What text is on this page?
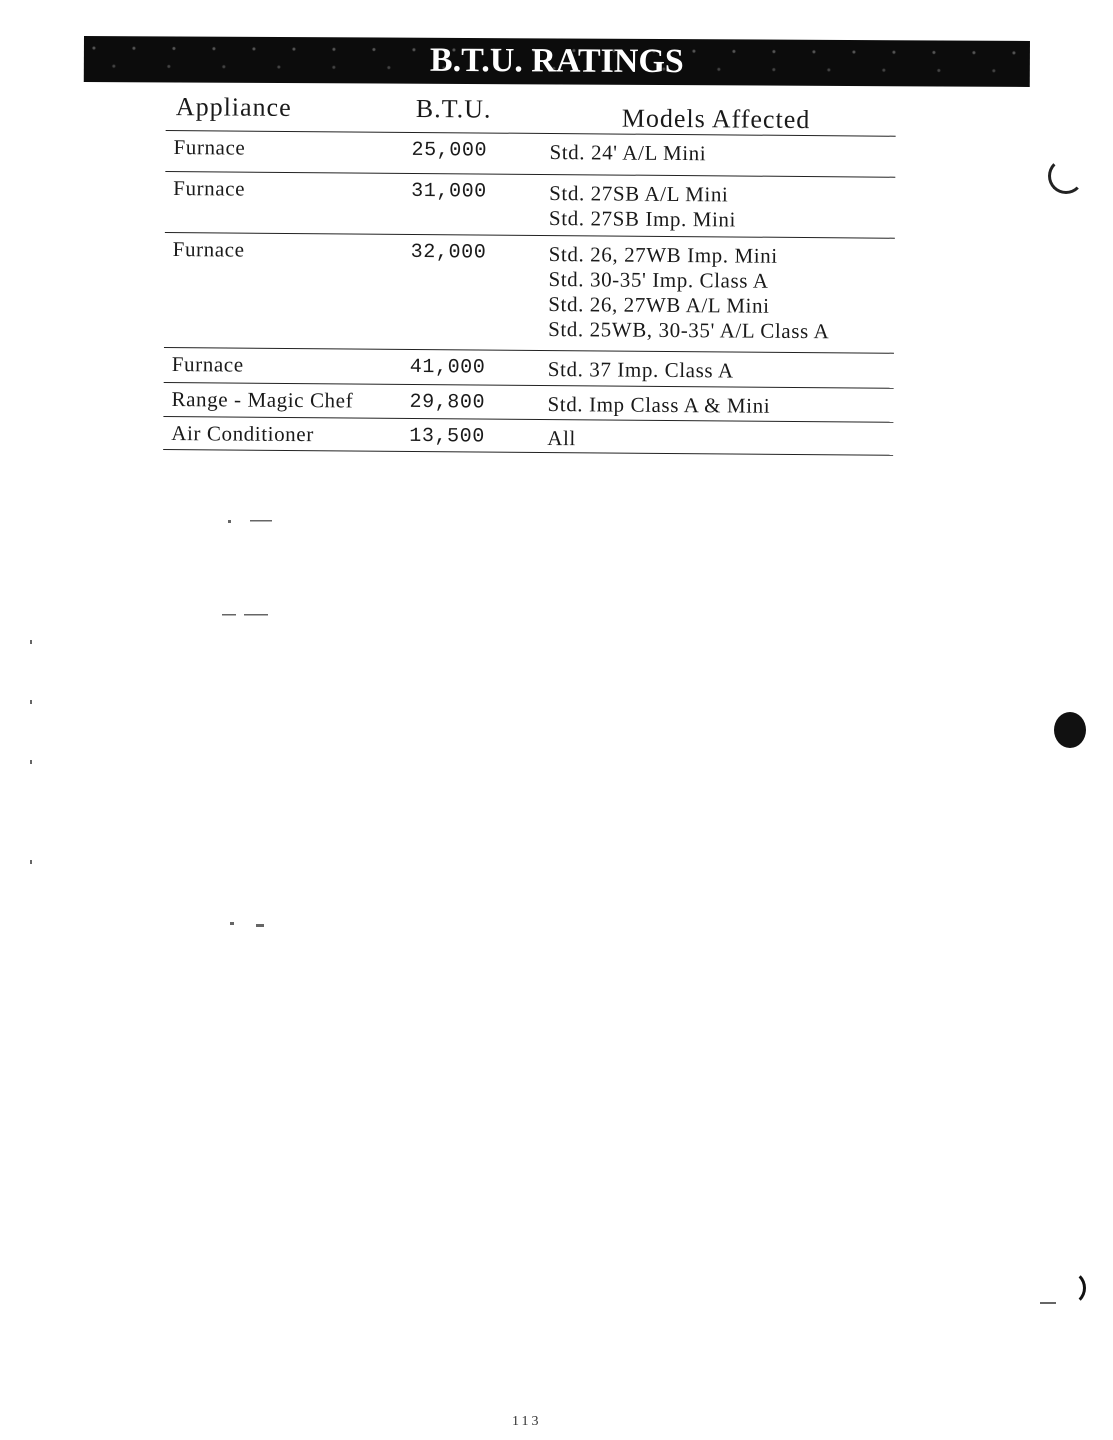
B.T.U. RATINGS
Appliance	B.T.U.	Models Affected
Furnace	25,000	Std. 24' A/L Mini
Furnace	31,000	Std. 27SB A/L Mini
Std. 27SB Imp. Mini
Furnace	32,000	Std. 26, 27WB Imp. Mini
Std. 30-35' Imp. Class A
Std. 26, 27WB A/L Mini
Std. 25WB, 30-35' A/L Class A
Furnace	41,000	Std. 37 Imp. Class A
Range - Magic Chef	29,800	Std. Imp Class A & Mini
Air Conditioner	13,500	All
113
